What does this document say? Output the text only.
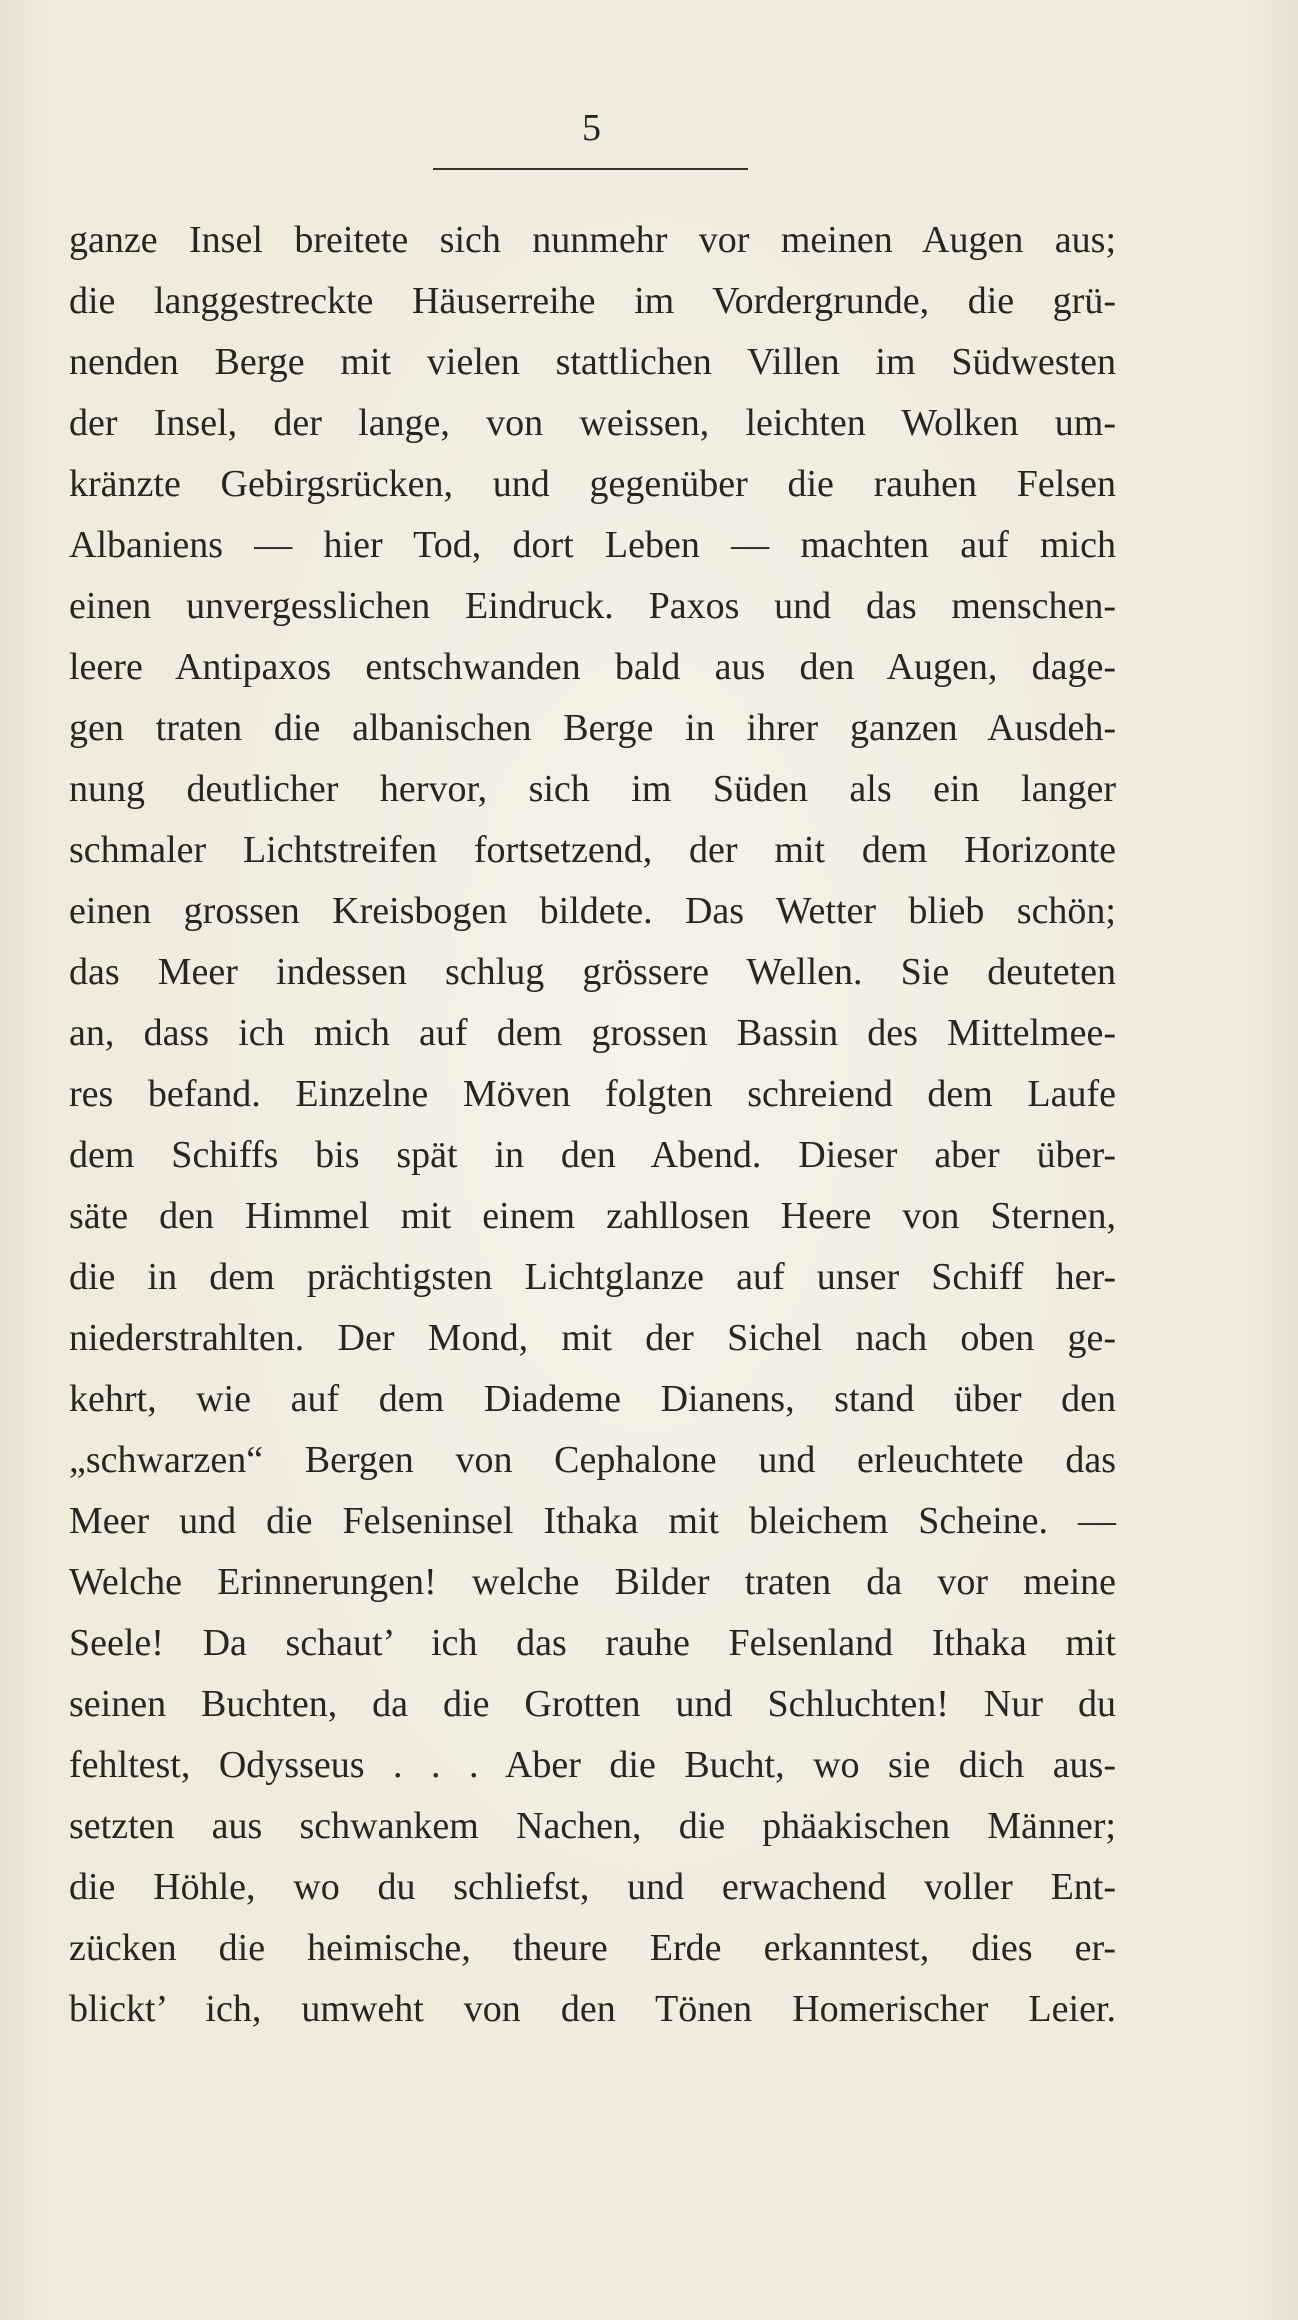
5
ganze Insel breitete sich nunmehr vor meinen Augen aus;
die langgestreckte Häuserreihe im Vordergrunde, die grü-
nenden Berge mit vielen stattlichen Villen im Südwesten
der Insel, der lange, von weissen, leichten Wolken um-
kränzte Gebirgsrücken, und gegenüber die rauhen Felsen
Albaniens — hier Tod, dort Leben — machten auf mich
einen unvergesslichen Eindruck. Paxos und das menschen-
leere Antipaxos entschwanden bald aus den Augen, dage-
gen traten die albanischen Berge in ihrer ganzen Ausdeh-
nung deutlicher hervor, sich im Süden als ein langer
schmaler Lichtstreifen fortsetzend, der mit dem Horizonte
einen grossen Kreisbogen bildete. Das Wetter blieb schön;
das Meer indessen schlug grössere Wellen. Sie deuteten
an, dass ich mich auf dem grossen Bassin des Mittelmee-
res befand. Einzelne Möven folgten schreiend dem Laufe
dem Schiffs bis spät in den Abend. Dieser aber über-
säte den Himmel mit einem zahllosen Heere von Sternen,
die in dem prächtigsten Lichtglanze auf unser Schiff her-
niederstrahlten. Der Mond, mit der Sichel nach oben ge-
kehrt, wie auf dem Diademe Dianens, stand über den
„schwarzen“ Bergen von Cephalone und erleuchtete das
Meer und die Felseninsel Ithaka mit bleichem Scheine. —
Welche Erinnerungen! welche Bilder traten da vor meine
Seele! Da schaut’ ich das rauhe Felsenland Ithaka mit
seinen Buchten, da die Grotten und Schluchten! Nur du
fehltest, Odysseus . . . Aber die Bucht, wo sie dich aus-
setzten aus schwankem Nachen, die phäakischen Männer;
die Höhle, wo du schliefst, und erwachend voller Ent-
zücken die heimische, theure Erde erkanntest, dies er-
blickt’ ich, umweht von den Tönen Homerischer Leier.
